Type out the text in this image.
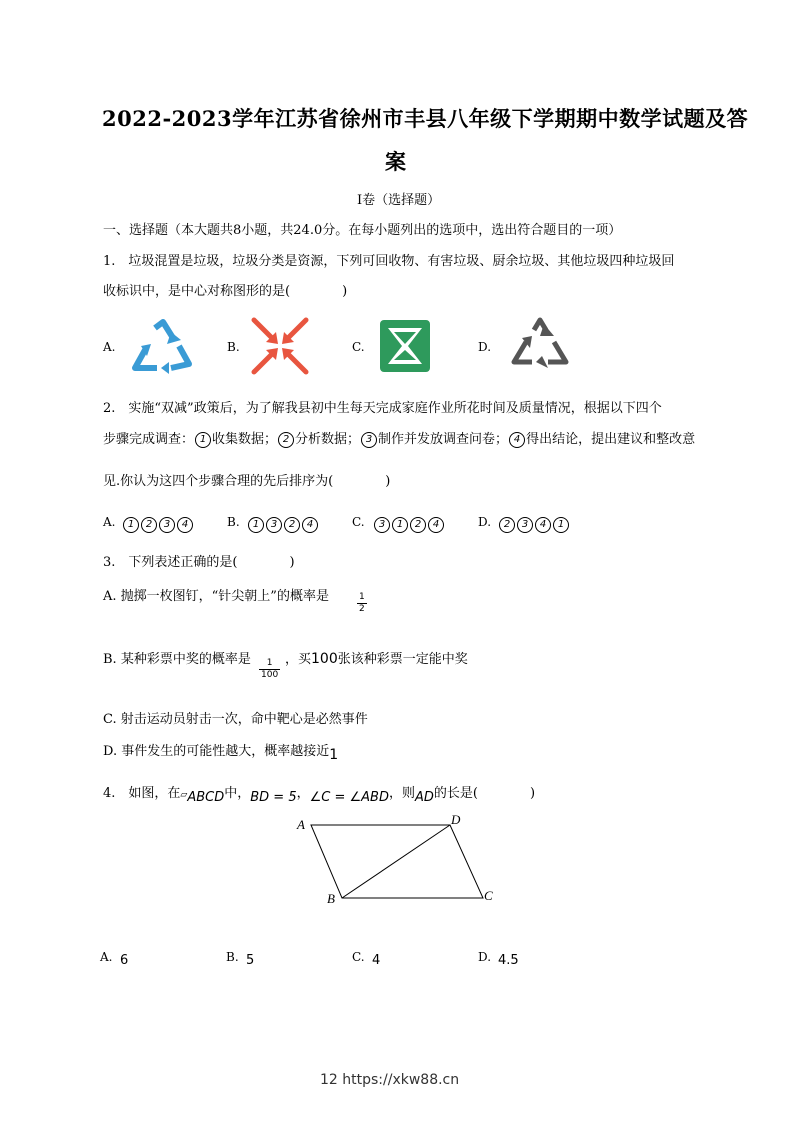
2022-2023学年江苏省徐州市丰县八年级下学期期中数学试题及答
案
I卷（选择题）
一、选择题（本大题共8小题，共24.0分。在每小题列出的选项中，选出符合题目的一项）
1.　垃圾混置是垃圾，垃圾分类是资源，下列可回收物、有害垃圾、厨余垃圾、其他垃圾四种垃圾回
收标识中，是中心对称图形的是(　　　　)
A.	B.	C.	D.
2.　实施“双减”政策后，为了解我县初中生每天完成家庭作业所花时间及质量情况，根据以下四个
步骤完成调查： 1 收集数据； 2 分析数据； 3 制作并发放调查问卷； 4 得出结论，提出建议和整改意
见.你认为这四个步骤合理的先后排序为(　　　　)
A.	1 2 3 4	B.	1 3 2 4	C.	3 1 2 4	D.	2 3 4 1
3.　下列表述正确的是(　　　　)
A. 抛掷一枚图钉，“针尖朝上”的概率是	$\frac{1}{2}$
B. 某种彩票中奖的概率是 $\frac{1}{100}$ ，买100张该种彩票一定能中奖
C. 射击运动员射击一次，命中靶心是必然事件
D. 事件发生的可能性越大，概率越接近1
4.　如图，在▱ABCD中，BD = 5，∠C = ∠ABD，则AD的长是(　　　　)
A	D
B	C
A. 6	B. 5	C. 4	D. 4.5
12 https://xkw88.cn
